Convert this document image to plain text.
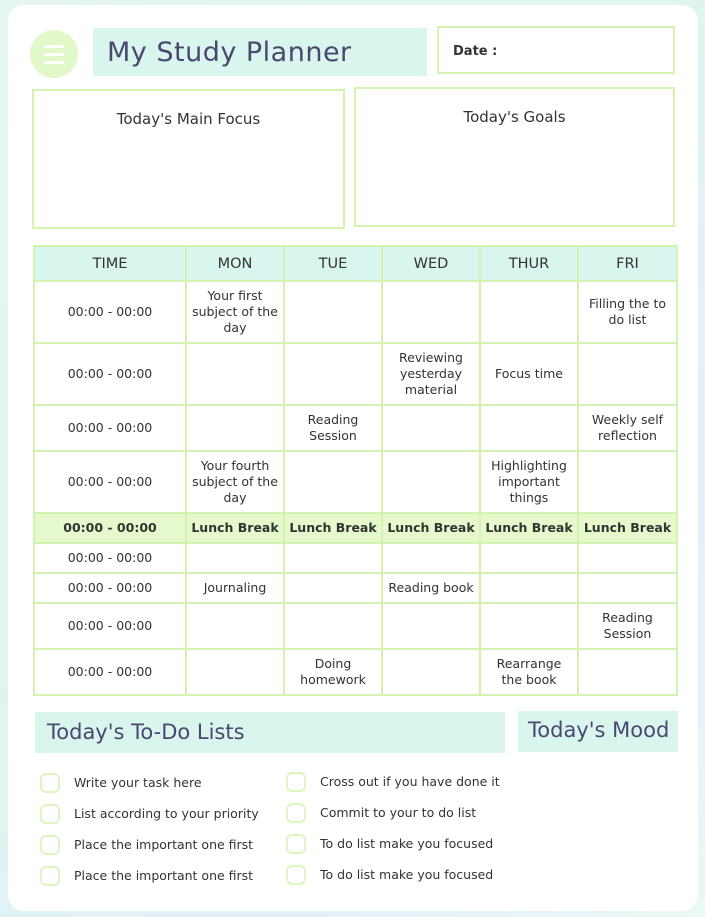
My Study Planner	Date :
Today's Main Focus	Today's Goals
TIME	MON	TUE	WED	THUR	FRI
00:00 - 00:00	Your first subject of the day				Filling the to do list
00:00 - 00:00			Reviewing yesterday material	Focus time	
00:00 - 00:00		Reading Session			Weekly self reflection
00:00 - 00:00	Your fourth subject of the day			Highlighting important things	
00:00 - 00:00	Lunch Break	Lunch Break	Lunch Break	Lunch Break	Lunch Break
00:00 - 00:00					
00:00 - 00:00	Journaling		Reading book		
00:00 - 00:00					Reading Session
00:00 - 00:00		Doing homework		Rearrange the book	
Today's To-Do Lists	Today's Mood
Write your task here
List according to your priority
Place the important one first
Place the important one first
Cross out if you have done it
Commit to your to do list
To do list make you focused
To do list make you focused
